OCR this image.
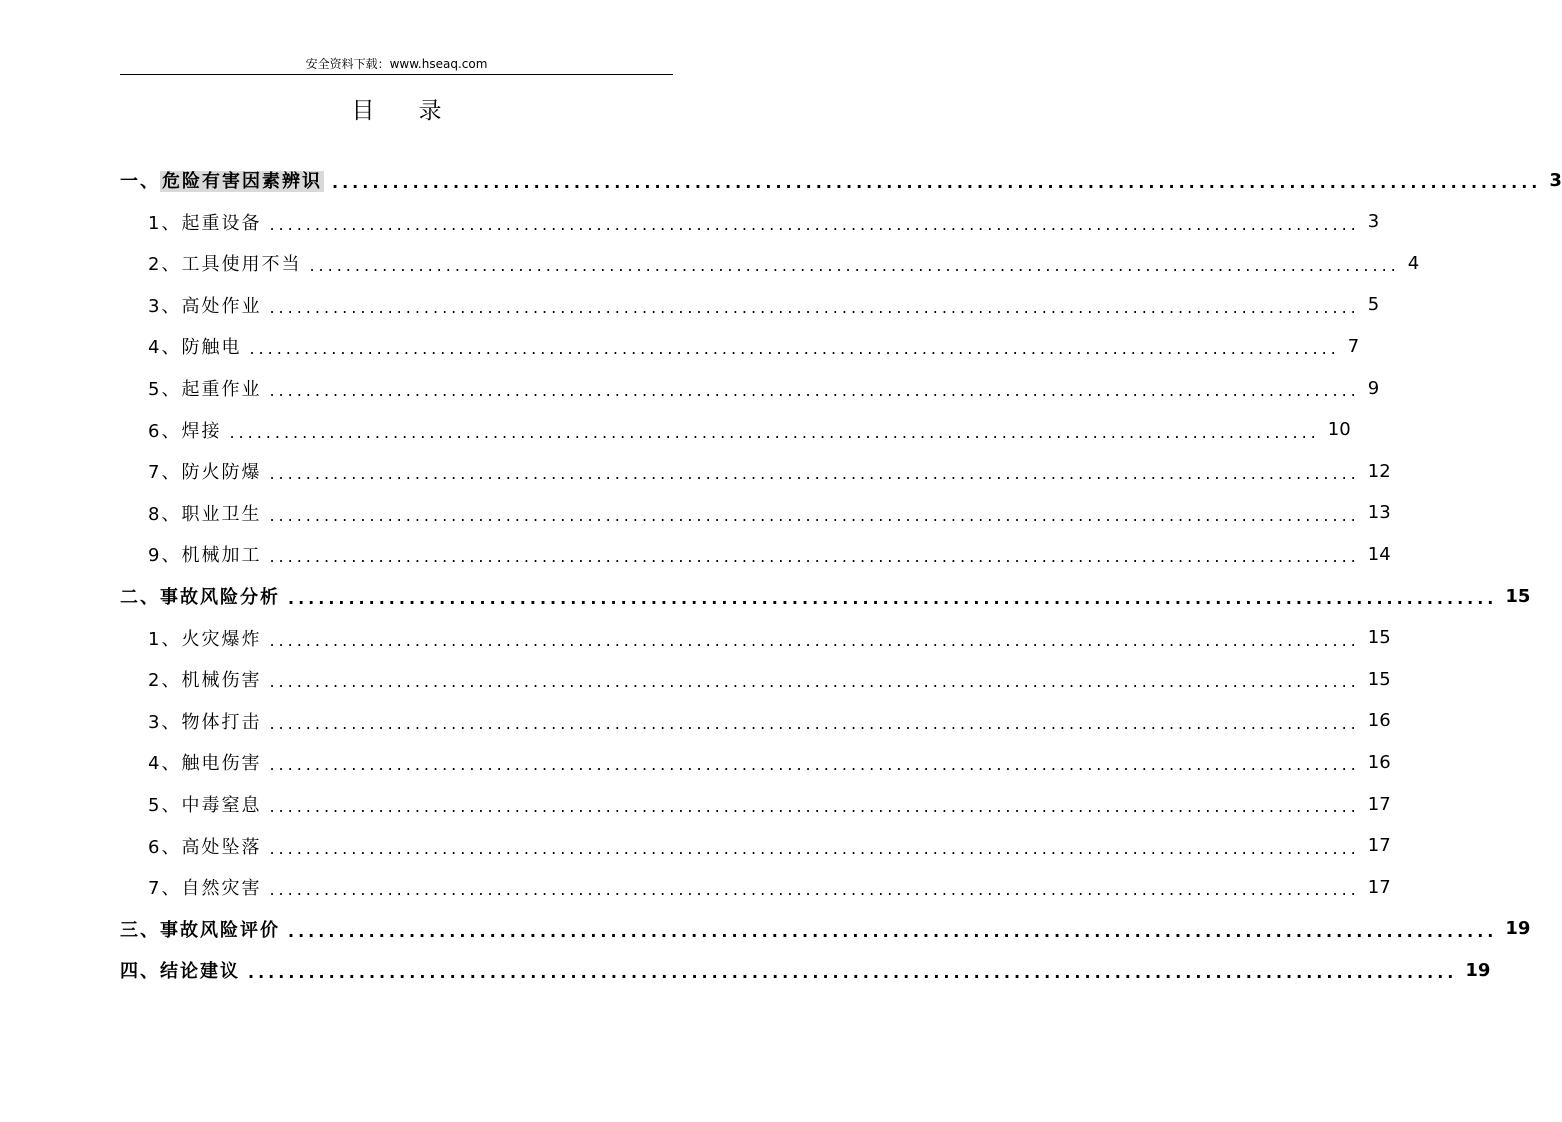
安全资料下载：www.hseaq.com
目 录
一、 危险有害因素辨识 ........................................................................................................................ 3
1、起重设备 ........................................................................................................................ 3
2、工具使用不当 ........................................................................................................................ 4
3、高处作业 ........................................................................................................................ 5
4、防触电 ........................................................................................................................ 7
5、起重作业 ........................................................................................................................ 9
6、焊接 ........................................................................................................................ 10
7、防火防爆 ........................................................................................................................ 12
8、职业卫生 ........................................................................................................................ 13
9、机械加工 ........................................................................................................................ 14
二、事故风险分析 ........................................................................................................................ 15
1、火灾爆炸 ........................................................................................................................ 15
2、机械伤害 ........................................................................................................................ 15
3、物体打击 ........................................................................................................................ 16
4、触电伤害 ........................................................................................................................ 16
5、中毒窒息 ........................................................................................................................ 17
6、高处坠落 ........................................................................................................................ 17
7、自然灾害 ........................................................................................................................ 17
三、事故风险评价 ........................................................................................................................ 19
四、结论建议 ........................................................................................................................ 19
